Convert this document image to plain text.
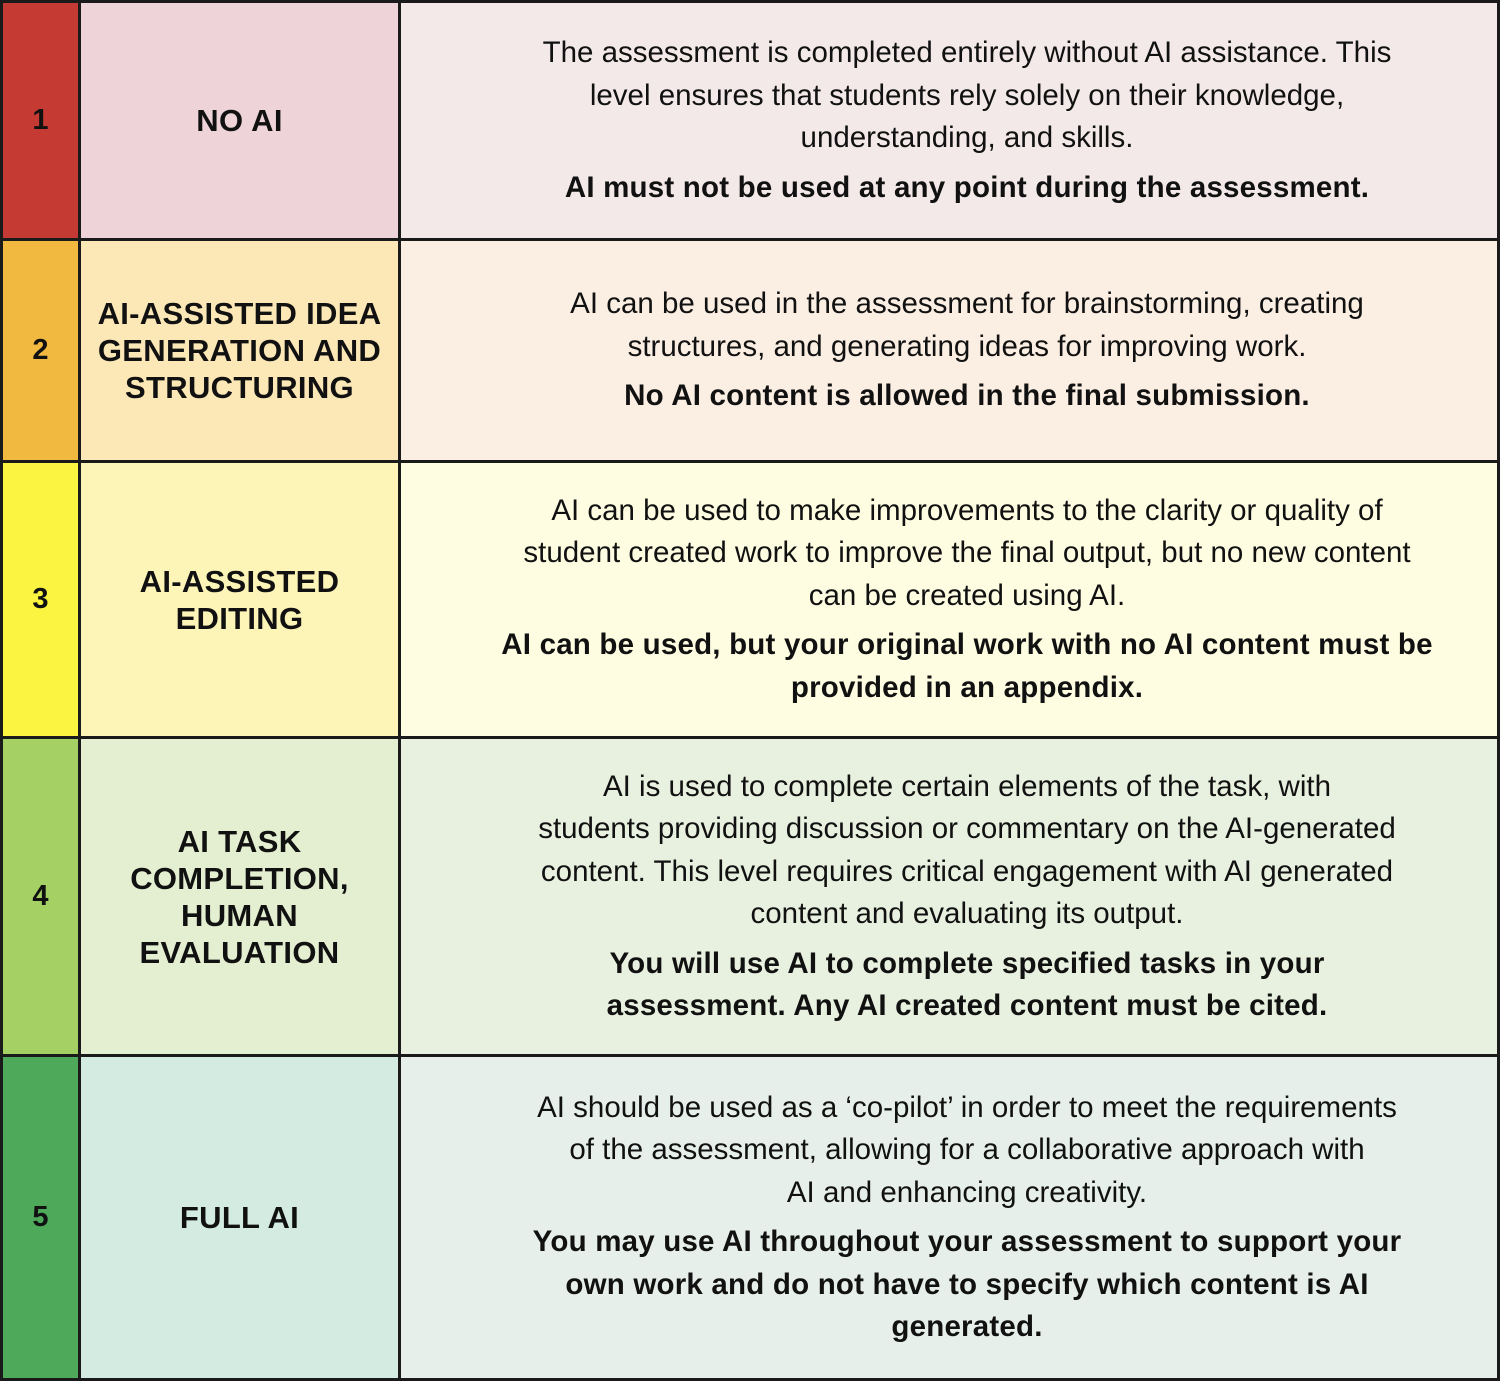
1	NO AI

The assessment is completed entirely without AI assistance. This

level ensures that students rely solely on their knowledge,

understanding, and skills.

AI must not be used at any point during the assessment.

2
AI-ASSISTED IDEA
GENERATION AND
STRUCTURING

AI can be used in the assessment for brainstorming, creating

structures, and generating ideas for improving work.

No AI content is allowed in the final submission.

3
AI-ASSISTED
EDITING

AI can be used to make improvements to the clarity or quality of

student created work to improve the final output, but no new content

can be created using AI.

AI can be used, but your original work with no AI content must be

provided in an appendix.

4
AI TASK
COMPLETION,
HUMAN
EVALUATION

AI is used to complete certain elements of the task, with

students providing discussion or commentary on the AI-generated

content. This level requires critical engagement with AI generated

content and evaluating its output.

You will use AI to complete specified tasks in your

assessment. Any AI created content must be cited.

5	FULL AI

AI should be used as a ‘co-pilot’ in order to meet the requirements

of the assessment, allowing for a collaborative approach with

AI and enhancing creativity.

You may use AI throughout your assessment to support your

own work and do not have to specify which content is AI

generated.
